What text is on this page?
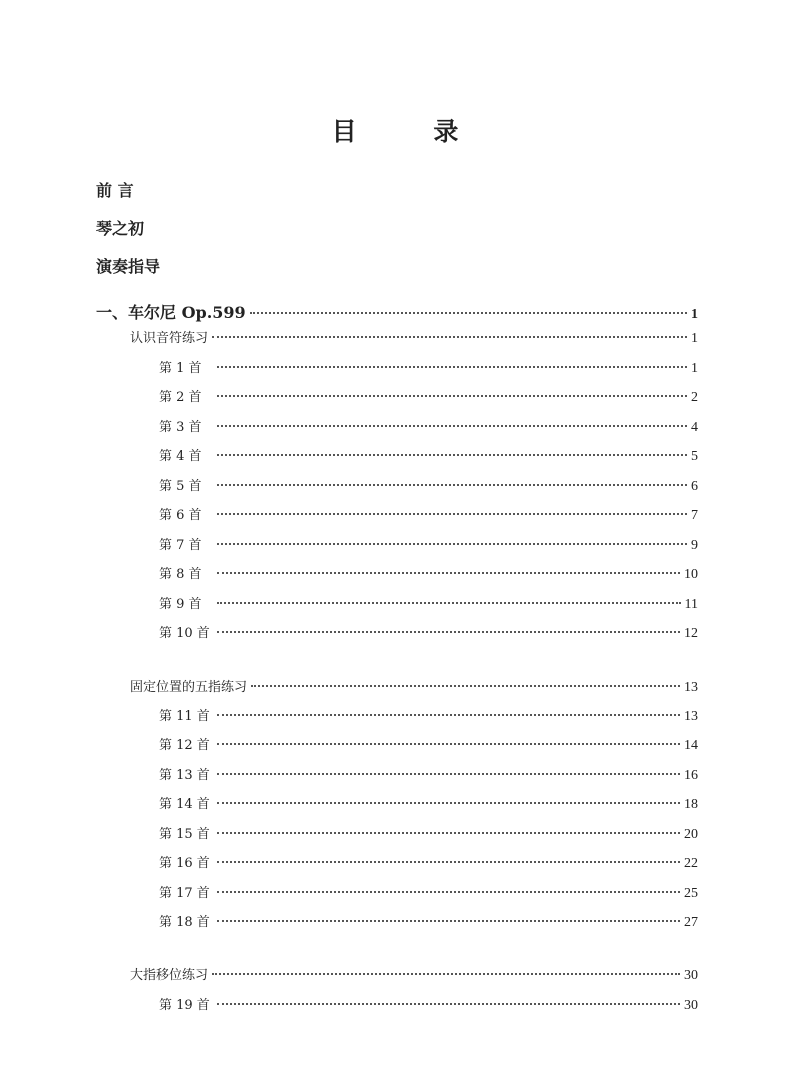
目 录
前 言
琴之初
演奏指导
一、车尔尼 Op.599	1
认识音符练习	1
第 1 首	1
第 2 首	2
第 3 首	4
第 4 首	5
第 5 首	6
第 6 首	7
第 7 首	9
第 8 首	10
第 9 首	11
第 10 首	12
固定位置的五指练习	13
第 11 首	13
第 12 首	14
第 13 首	16
第 14 首	18
第 15 首	20
第 16 首	22
第 17 首	25
第 18 首	27
大指移位练习	30
第 19 首	30
